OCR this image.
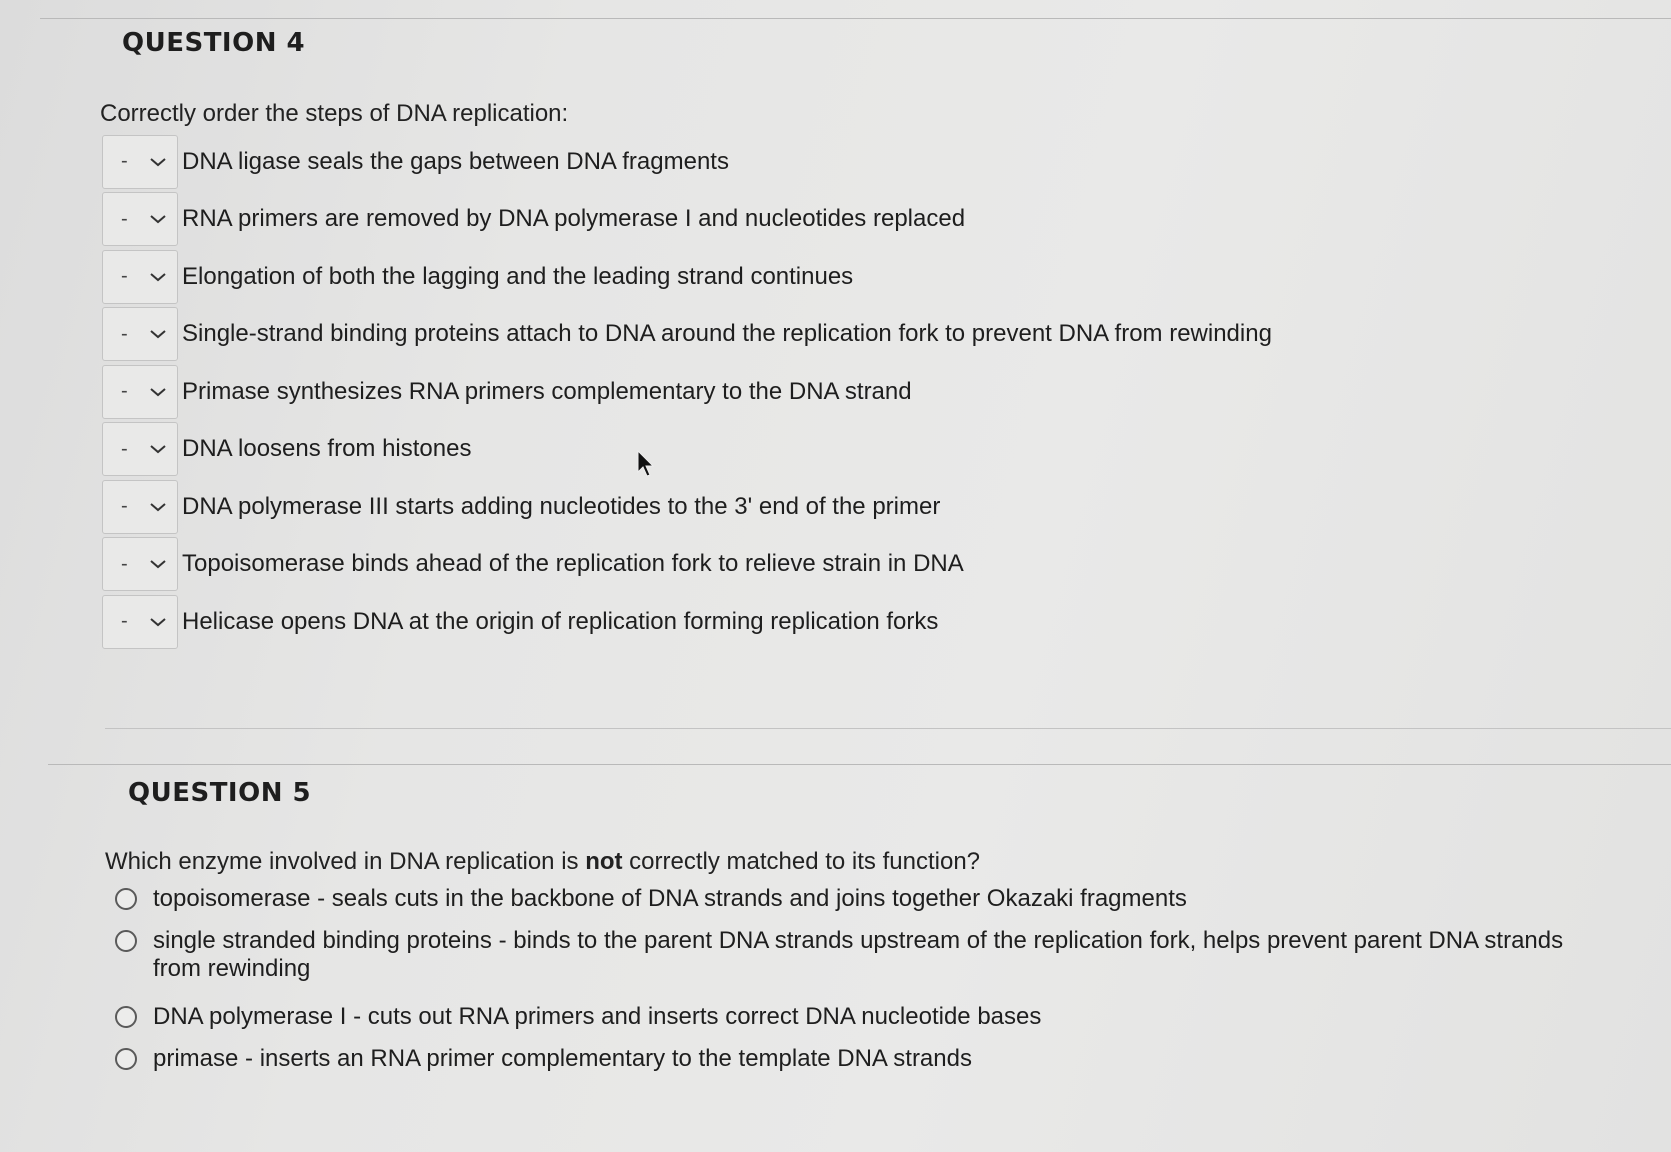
QUESTION 4
Correctly order the steps of DNA replication:
-	DNA ligase seals the gaps between DNA fragments
-	RNA primers are removed by DNA polymerase I and nucleotides replaced
-	Elongation of both the lagging and the leading strand continues
-	Single-strand binding proteins attach to DNA around the replication fork to prevent DNA from rewinding
-	Primase synthesizes RNA primers complementary to the DNA strand
-	DNA loosens from histones
-	DNA polymerase III starts adding nucleotides to the 3' end of the primer
-	Topoisomerase binds ahead of the replication fork to relieve strain in DNA
-	Helicase opens DNA at the origin of replication forming replication forks
QUESTION 5
Which enzyme involved in DNA replication is not correctly matched to its function?
topoisomerase - seals cuts in the backbone of DNA strands and joins together Okazaki fragments
single stranded binding proteins - binds to the parent DNA strands upstream of the replication fork, helps prevent parent DNA strands from rewinding
DNA polymerase I - cuts out RNA primers and inserts correct DNA nucleotide bases
primase - inserts an RNA primer complementary to the template DNA strands
